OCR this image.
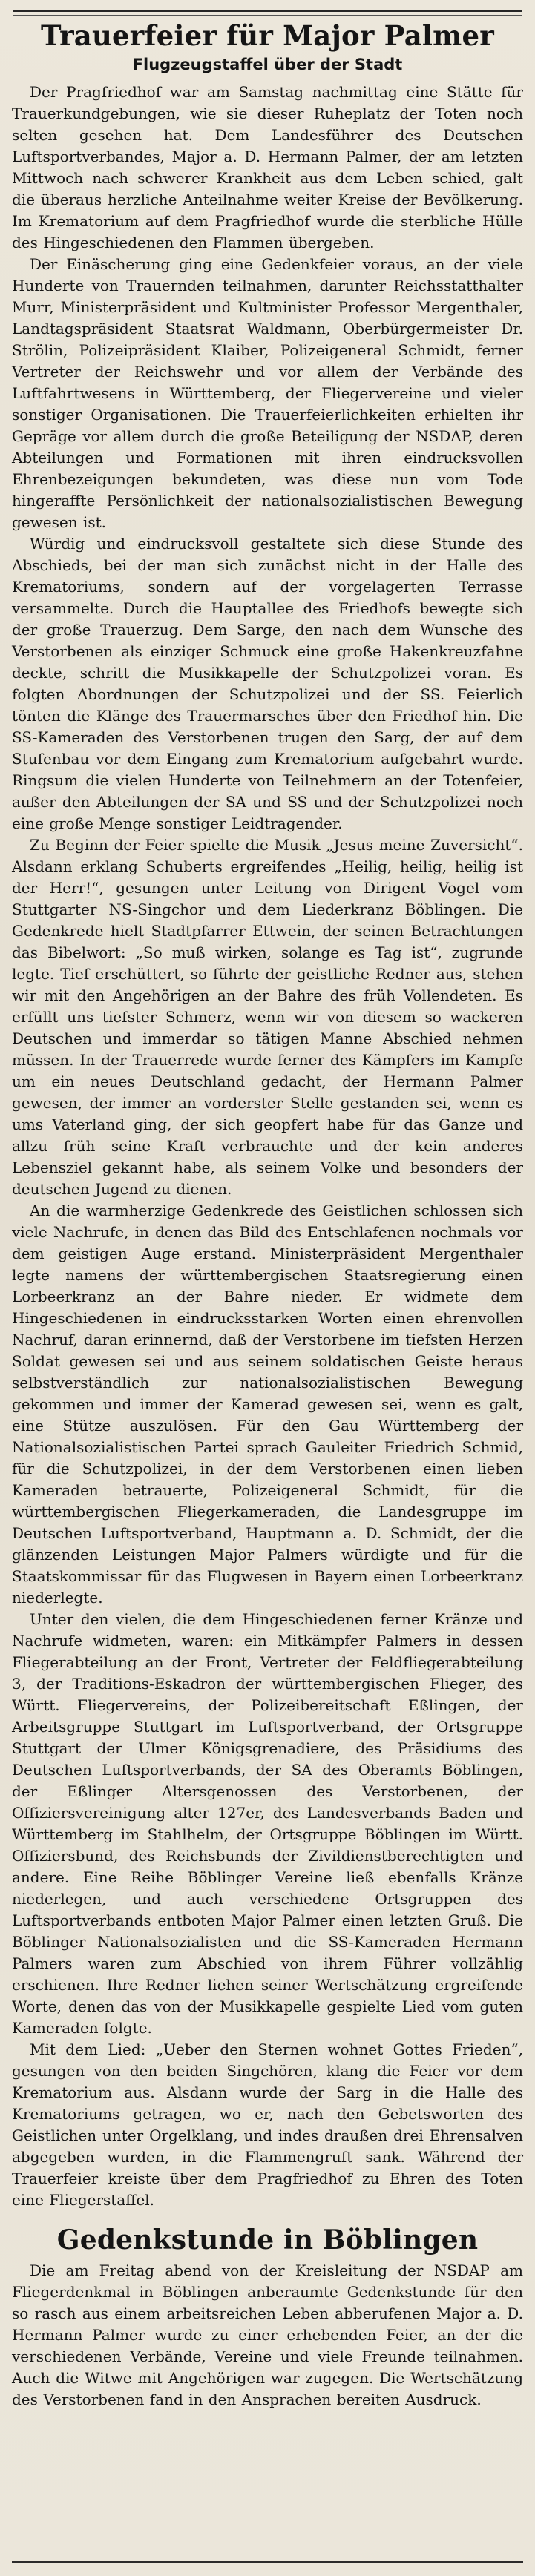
Trauerfeier für Major Palmer
Flugzeugstaffel über der Stadt

Der Pragfriedhof war am Samstag nachmittag eine Stätte für Trauerkundgebungen, wie sie dieser Ruheplatz der Toten noch selten gesehen hat. Dem Landesführer des Deutschen Luftsportverbandes, Major a. D. Hermann Palmer, der am letzten Mittwoch nach schwerer Krankheit aus dem Leben schied, galt die überaus herzliche Anteilnahme weiter Kreise der Bevölkerung. Im Krematorium auf dem Pragfriedhof wurde die sterbliche Hülle des Hingeschiedenen den Flammen übergeben.

Der Einäscherung ging eine Gedenkfeier voraus, an der viele Hunderte von Trauernden teilnahmen, darunter Reichsstatthalter Murr, Ministerpräsident und Kultminister Professor Mergenthaler, Landtagspräsident Staatsrat Waldmann, Oberbürgermeister Dr. Strölin, Polizeipräsident Klaiber, Polizeigeneral Schmidt, ferner Vertreter der Reichswehr und vor allem der Verbände des Luftfahrtwesens in Württemberg, der Fliegervereine und vieler sonstiger Organisationen. Die Trauerfeierlichkeiten erhielten ihr Gepräge vor allem durch die große Beteiligung der NSDAP, deren Abteilungen und Formationen mit ihren eindrucksvollen Ehrenbezeigungen bekundeten, was diese nun vom Tode hingeraffte Persönlichkeit der nationalsozialistischen Bewegung gewesen ist.

Würdig und eindrucksvoll gestaltete sich diese Stunde des Abschieds, bei der man sich zunächst nicht in der Halle des Krematoriums, sondern auf der vorgelagerten Terrasse versammelte. Durch die Hauptallee des Friedhofs bewegte sich der große Trauerzug. Dem Sarge, den nach dem Wunsche des Verstorbenen als einziger Schmuck eine große Hakenkreuzfahne deckte, schritt die Musikkapelle der Schutzpolizei voran. Es folgten Abordnungen der Schutzpolizei und der SS. Feierlich tönten die Klänge des Trauermarsches über den Friedhof hin. Die SS-Kameraden des Verstorbenen trugen den Sarg, der auf dem Stufenbau vor dem Eingang zum Krematorium aufgebahrt wurde. Ringsum die vielen Hunderte von Teilnehmern an der Totenfeier, außer den Abteilungen der SA und SS und der Schutzpolizei noch eine große Menge sonstiger Leidtragender.

Zu Beginn der Feier spielte die Musik „Jesus meine Zuversicht“. Alsdann erklang Schuberts ergreifendes „Heilig, heilig, heilig ist der Herr!“, gesungen unter Leitung von Dirigent Vogel vom Stuttgarter NS-Singchor und dem Liederkranz Böblingen. Die Gedenkrede hielt Stadtpfarrer Ettwein, der seinen Betrachtungen das Bibelwort: „So muß wirken, solange es Tag ist“, zugrunde legte. Tief erschüttert, so führte der geistliche Redner aus, stehen wir mit den Angehörigen an der Bahre des früh Vollendeten. Es erfüllt uns tiefster Schmerz, wenn wir von diesem so wackeren Deutschen und immerdar so tätigen Manne Abschied nehmen müssen. In der Trauerrede wurde ferner des Kämpfers im Kampfe um ein neues Deutschland gedacht, der Hermann Palmer gewesen, der immer an vorderster Stelle gestanden sei, wenn es ums Vaterland ging, der sich geopfert habe für das Ganze und allzu früh seine Kraft verbrauchte und der kein anderes Lebensziel gekannt habe, als seinem Volke und besonders der deutschen Jugend zu dienen.

An die warmherzige Gedenkrede des Geistlichen schlossen sich viele Nachrufe, in denen das Bild des Entschlafenen nochmals vor dem geistigen Auge erstand. Ministerpräsident Mergenthaler legte namens der württembergischen Staatsregierung einen Lorbeerkranz an der Bahre nieder. Er widmete dem Hingeschiedenen in eindrucksstarken Worten einen ehrenvollen Nachruf, daran erinnernd, daß der Verstorbene im tiefsten Herzen Soldat gewesen sei und aus seinem soldatischen Geiste heraus selbstverständlich zur nationalsozialistischen Bewegung gekommen und immer der Kamerad gewesen sei, wenn es galt, eine Stütze auszulösen. Für den Gau Württemberg der Nationalsozialistischen Partei sprach Gauleiter Friedrich Schmid, für die Schutzpolizei, in der dem Verstorbenen einen lieben Kameraden betrauerte, Polizeigeneral Schmidt, für die württembergischen Fliegerkameraden, die Landesgruppe im Deutschen Luftsportverband, Hauptmann a. D. Schmidt, der die glänzenden Leistungen Major Palmers würdigte und für die Staatskommissar für das Flugwesen in Bayern einen Lorbeerkranz niederlegte.

Unter den vielen, die dem Hingeschiedenen ferner Kränze und Nachrufe widmeten, waren: ein Mitkämpfer Palmers in dessen Fliegerabteilung an der Front, Vertreter der Feldfliegerabteilung 3, der Traditions-Eskadron der württembergischen Flieger, des Württ. Fliegervereins, der Polizeibereitschaft Eßlingen, der Arbeitsgruppe Stuttgart im Luftsportverband, der Ortsgruppe Stuttgart der Ulmer Königsgrenadiere, des Präsidiums des Deutschen Luftsportverbands, der SA des Oberamts Böblingen, der Eßlinger Altersgenossen des Verstorbenen, der Offiziersvereinigung alter 127er, des Landesverbands Baden und Württemberg im Stahlhelm, der Ortsgruppe Böblingen im Württ. Offiziersbund, des Reichsbunds der Zivildienstberechtigten und andere. Eine Reihe Böblinger Vereine ließ ebenfalls Kränze niederlegen, und auch verschiedene Ortsgruppen des Luftsportverbands entboten Major Palmer einen letzten Gruß. Die Böblinger Nationalsozialisten und die SS-Kameraden Hermann Palmers waren zum Abschied von ihrem Führer vollzählig erschienen. Ihre Redner liehen seiner Wertschätzung ergreifende Worte, denen das von der Musikkapelle gespielte Lied vom guten Kameraden folgte.

Mit dem Lied: „Ueber den Sternen wohnet Gottes Frieden“, gesungen von den beiden Singchören, klang die Feier vor dem Krematorium aus. Alsdann wurde der Sarg in die Halle des Krematoriums getragen, wo er, nach den Gebetsworten des Geistlichen unter Orgelklang, und indes draußen drei Ehrensalven abgegeben wurden, in die Flammengruft sank. Während der Trauerfeier kreiste über dem Pragfriedhof zu Ehren des Toten eine Fliegerstaffel.

Gedenkstunde in Böblingen

Die am Freitag abend von der Kreisleitung der NSDAP am Fliegerdenkmal in Böblingen anberaumte Gedenkstunde für den so rasch aus einem arbeitsreichen Leben abberufenen Major a. D. Hermann Palmer wurde zu einer erhebenden Feier, an der die verschiedenen Verbände, Vereine und viele Freunde teilnahmen. Auch die Witwe mit Angehörigen war zugegen. Die Wertschätzung des Verstorbenen fand in den Ansprachen bereiten Ausdruck.
